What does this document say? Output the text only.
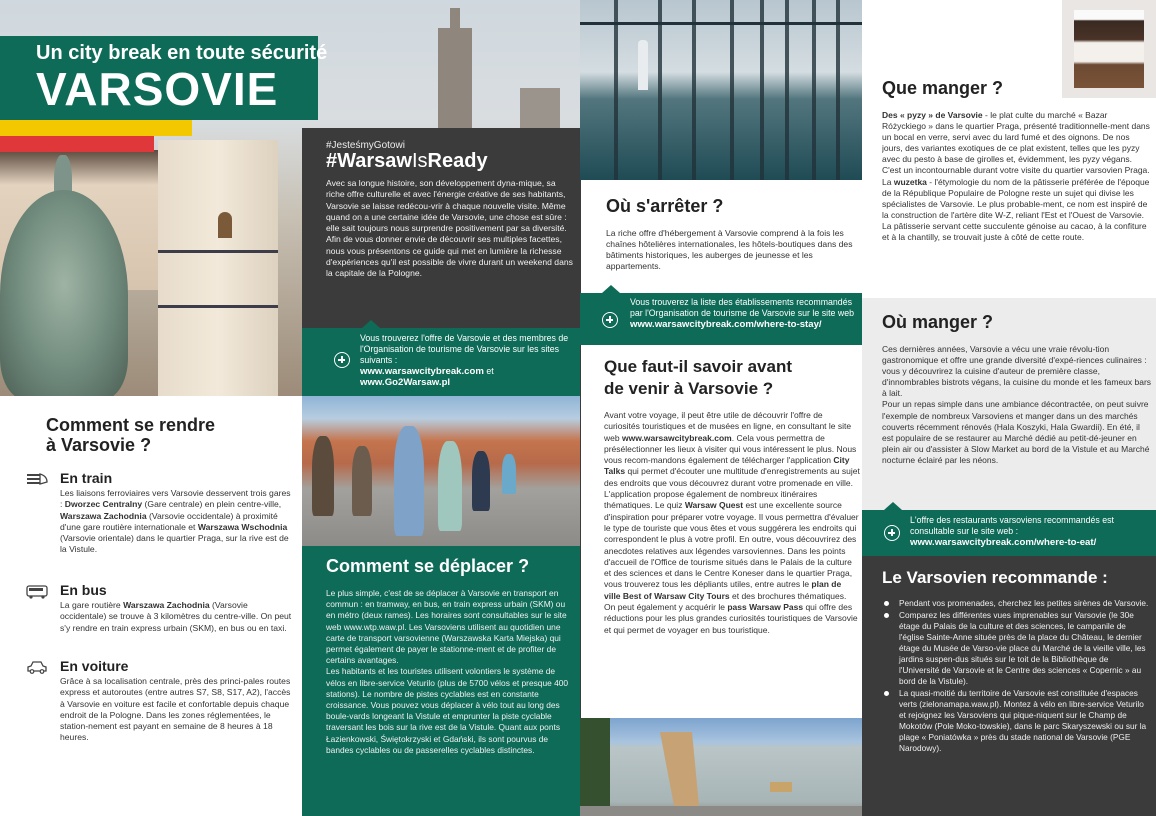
Un city break en toute sécurité
VARSOVIE
#JesteśmyGotowi
#WarsawIsReady
Avec sa longue histoire, son développement dyna-mique, sa riche offre culturelle et avec l'énergie créative de ses habitants, Varsovie se laisse redécou-vrir à chaque nouvelle visite. Même quand on a une certaine idée de Varsovie, une chose est sûre : elle sait toujours nous surprendre positivement par sa diversité. Afin de vous donner envie de découvrir ses multiples facettes, nous vous présentons ce guide qui met en lumière la richesse d'expériences qu'il est possible de vivre durant un weekend dans la capitale de la Pologne.
Vous trouverez l'offre de Varsovie et des membres de l'Organisation de tourisme de Varsovie sur les sites suivants :
www.warsawcitybreak.com et
www.Go2Warsaw.pl
Comment se rendre
à Varsovie ?
En train
Les liaisons ferroviaires vers Varsovie desservent trois gares : Dworzec Centralny (Gare centrale) en plein centre-ville, Warszawa Zachodnia (Varsovie occidentale) à proximité d'une gare routière internationale et Warszawa Wschodnia (Varsovie orientale) dans le quartier Praga, sur la rive est de la Vistule.
En bus
La gare routière Warszawa Zachodnia (Varsovie occidentale) se trouve à 3 kilomètres du centre-ville. On peut s'y rendre en train express urbain (SKM), en bus ou en taxi.
En voiture
Grâce à sa localisation centrale, près des princi-pales routes express et autoroutes (entre autres S7, S8, S17, A2), l'accès à Varsovie en voiture est facile et confortable depuis chaque endroit de la Pologne. Dans les zones réglementées, le station-nement est payant en semaine de 8 heures à 18 heures.
Comment se déplacer ?
Le plus simple, c'est de se déplacer à Varsovie en transport en commun : en tramway, en bus, en train express urbain (SKM) ou en métro (deux rames). Les horaires sont consultables sur le site web www.wtp.waw.pl. Les Varsoviens utilisent au quotidien une carte de transport varsovienne (Warszawska Karta Miejska) qui permet également de payer le stationne-ment et de profiter de certains avantages.
Les habitants et les touristes utilisent volontiers le système de vélos en libre-service Veturilo (plus de 5700 vélos et presque 400 stations). Le nombre de pistes cyclables est en constante croissance. Vous pouvez vous déplacer à vélo tout au long des boule-vards longeant la Vistule et emprunter la piste cyclable traversant les bois sur la rive est de la Vistule. Quant aux ponts Łazienkowski, Świętokrzyski et Gdański, ils sont pourvus de bandes cyclables ou de passerelles cyclables distinctes.
Où s'arrêter ?
La riche offre d'hébergement à Varsovie comprend à la fois les chaînes hôtelières internationales, les hôtels-boutiques dans des bâtiments historiques, les auberges de jeunesse et les appartements.
Vous trouverez la liste des établissements recommandés par l'Organisation de tourisme de Varsovie sur le site web
www.warsawcitybreak.com/where-to-stay/
Que faut-il savoir avant
de venir à Varsovie ?
Avant votre voyage, il peut être utile de découvrir l'offre de curiosités touristiques et de musées en ligne, en consultant le site web www.warsawcitybreak.com. Cela vous permettra de présélectionner les lieux à visiter qui vous intéressent le plus. Nous vous recom-mandons également de télécharger l'application City Talks qui permet d'écouter une multitude d'enregistrements au sujet des endroits que vous découvrez durant votre promenade en ville. L'application propose également de nombreux itinéraires thématiques. Le quiz Warsaw Quest est une excellente source d'inspiration pour préparer votre voyage. Il vous permettra d'évaluer le type de touriste que vous êtes et vous suggérera les endroits qui correspondent le plus à votre profil. En outre, vous découvrirez des anecdotes relatives aux légendes varsoviennes. Dans les points d'accueil de l'Office de tourisme situés dans le Palais de la culture et des sciences et dans le Centre Koneser dans le quartier Praga, vous trouverez tous les dépliants utiles, entre autres le plan de ville Best of Warsaw City Tours et des brochures thématiques. On peut également y acquérir le pass Warsaw Pass qui offre des réductions pour les plus grandes curiosités touristiques de Varsovie et qui permet de voyager en bus touristique.
Que manger ?
Des « pyzy » de Varsovie - le plat culte du marché « Bazar Różyckiego » dans le quartier Praga, présenté traditionnelle-ment dans un bocal en verre, servi avec du lard fumé et des oignons. De nos jours, des variantes exotiques de ce plat existent, telles que les pyzy avec du pesto à base de girolles et, évidemment, les pyzy végans. C'est un incontournable durant votre visite du quartier varsovien Praga.
La wuzetka - l'étymologie du nom de la pâtisserie préférée de l'époque de la République Populaire de Pologne reste un sujet qui divise les spécialistes de Varsovie. Le plus probable-ment, ce nom est inspiré de la construction de l'artère dite W-Z, reliant l'Est et l'Ouest de Varsovie. La pâtisserie servant cette succulente génoise au cacao, à la confiture et à la chantilly, se trouvait juste à côté de cette route.
Où manger ?
Ces dernières années, Varsovie a vécu une vraie révolu-tion gastronomique et offre une grande diversité d'expé-riences culinaires : vous y découvrirez la cuisine d'auteur de première classe, d'innombrables bistrots végans, la cuisine du monde et les fameux bars à lait.
Pour un repas simple dans une ambiance décontractée, on peut suivre l'exemple de nombreux Varsoviens et manger dans un des marchés couverts récemment rénovés (Hala Koszyki, Hala Gwardii). En été, il est populaire de se restaurer au Marché dédié au petit-dé-jeuner en plein air ou d'assister à Slow Market au bord de la Vistule et au Marché nocturne éclairé par les néons.
L'offre des restaurants varsoviens recommandés est consultable sur le site web :
www.warsawcitybreak.com/where-to-eat/
Le Varsovien recommande :
Pendant vos promenades, cherchez les petites sirènes de Varsovie.
Comparez les différentes vues imprenables sur Varsovie (le 30e étage du Palais de la culture et des sciences, le campanile de l'église Sainte-Anne située près de la place du Château, le dernier étage du Musée de Varso-vie place du Marché de la vieille ville, les jardins suspen-dus situés sur le toit de la Bibliothèque de l'Université de Varsovie et le Centre des sciences « Copernic » au bord de la Vistule).
La quasi-moitié du territoire de Varsovie est constituée d'espaces verts (zielonamapa.waw.pl). Montez à vélo en libre-service Veturilo et rejoignez les Varsoviens qui pique-niquent sur le Champ de Mokotów (Pole Moko-towskie), dans le parc Skaryszewski ou sur la plage « Poniatówka » près du stade national de Varsovie (PGE Narodowy).
